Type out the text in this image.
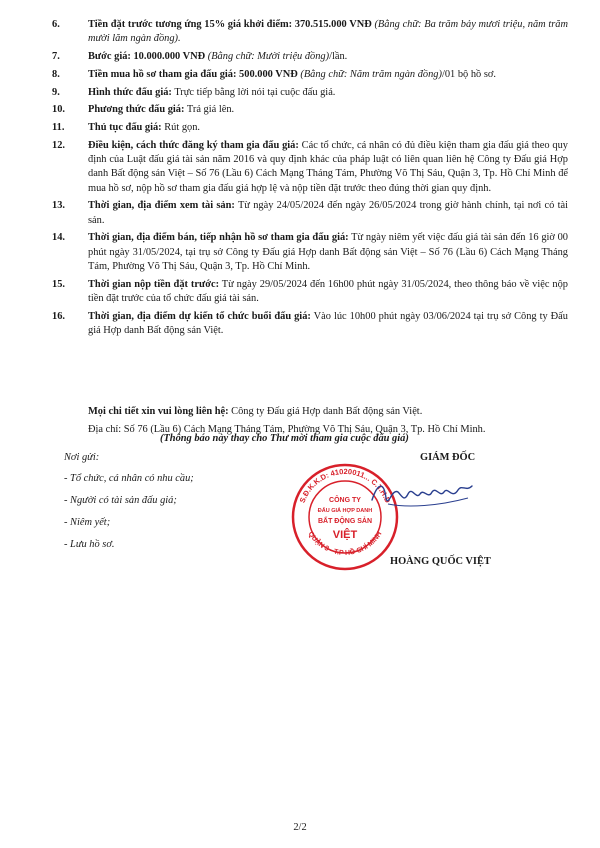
6.	Tiền đặt trước tương ứng 15% giá khởi điểm: 370.515.000 VNĐ (Bằng chữ: Ba trăm bảy mươi triệu, năm trăm mười lăm ngàn đồng).
7.	Bước giá: 10.000.000 VNĐ (Bằng chữ: Mười triệu đồng)/lần.
8.	Tiền mua hồ sơ tham gia đấu giá: 500.000 VNĐ (Bằng chữ: Năm trăm ngàn đồng)/01 bộ hồ sơ.
9.	Hình thức đấu giá: Trực tiếp bằng lời nói tại cuộc đấu giá.
10.	Phương thức đấu giá: Trả giá lên.
11.	Thủ tục đấu giá: Rút gọn.
12.	Điều kiện, cách thức đăng ký tham gia đấu giá: Các tổ chức, cá nhân có đủ điều kiện tham gia đấu giá theo quy định của Luật đấu giá tài sản năm 2016 và quy định khác của pháp luật có liên quan liên hệ Công ty Đấu giá Hợp danh Bất động sản Việt – Số 76 (Lầu 6) Cách Mạng Tháng Tám, Phường Võ Thị Sáu, Quận 3, Tp. Hồ Chí Minh để mua hồ sơ, nộp hồ sơ tham gia đấu giá hợp lệ và nộp tiền đặt trước theo đúng thời gian quy định.
13.	Thời gian, địa điểm xem tài sản: Từ ngày 24/05/2024 đến ngày 26/05/2024 trong giờ hành chính, tại nơi có tài sản.
14.	Thời gian, địa điểm bán, tiếp nhận hồ sơ tham gia đấu giá: Từ ngày niêm yết việc đấu giá tài sản đến 16 giờ 00 phút ngày 31/05/2024, tại trụ sở Công ty Đấu giá Hợp danh Bất động sản Việt – Số 76 (Lầu 6) Cách Mạng Tháng Tám, Phường Võ Thị Sáu, Quận 3, Tp. Hồ Chí Minh.
15.	Thời gian nộp tiền đặt trước: Từ ngày 29/05/2024 đến 16h00 phút ngày 31/05/2024, theo thông báo về việc nộp tiền đặt trước của tổ chức đấu giá tài sản.
16.	Thời gian, địa điểm dự kiến tổ chức buổi đấu giá: Vào lúc 10h00 phút ngày 03/06/2024 tại trụ sở Công ty Đấu giá Hợp danh Bất động sản Việt.
Mọi chi tiết xin vui lòng liên hệ: Công ty Đấu giá Hợp danh Bất động sản Việt.
Địa chỉ: Số 76 (Lầu 6) Cách Mạng Tháng Tám, Phường Võ Thị Sáu, Quận 3, Tp. Hồ Chí Minh.
(Thông báo này thay cho Thư mời tham gia cuộc đấu giá)
Nơi gửi:
- Tổ chức, cá nhân có nhu cầu;
- Người có tài sản đấu giá;
- Niêm yết;
- Lưu hồ sơ.
GIÁM ĐỐC
S.Đ.K.K.D: 41020011... C.T.H.D
QUẬN 3 - T.P HỒ CHÍ MINH
CÔNG TY
ĐẤU GIÁ HỢP DANH
BẤT ĐỘNG SẢN
VIỆT
HOÀNG QUỐC VIỆT
2/2
